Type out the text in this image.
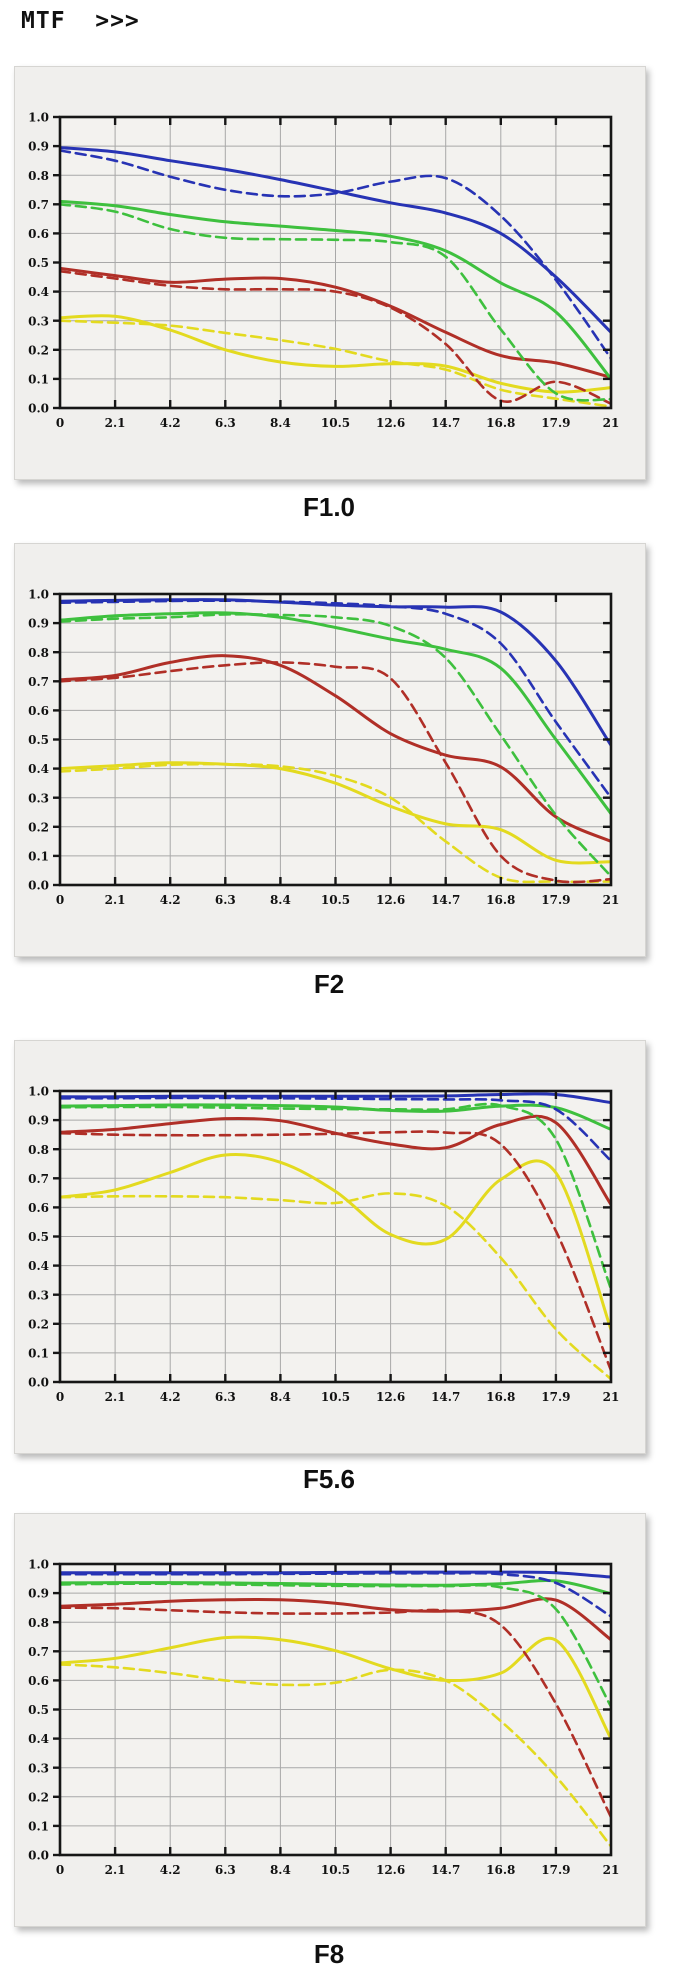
MTF  >>>
0.0
0.1
0.2
0.3
0.4
0.5
0.6
0.7
0.8
0.9
1.0
0	2.1	4.2	6.3	8.4	10.5 12.6 14.7 16.8 17.9	21
F1.0
0.0
0.1
0.2
0.3
0.4
0.5
0.6
0.7
0.8
0.9
1.0
0	2.1	4.2	6.3	8.4	10.5 12.6 14.7 16.8 17.9	21
F2
0.0
0.1
0.2
0.3
0.4
0.5
0.6
0.7
0.8
0.9
1.0
0	2.1	4.2	6.3	8.4	10.5 12.6 14.7 16.8 17.9	21
F5.6
0.0
0.1
0.2
0.3
0.4
0.5
0.6
0.7
0.8
0.9
1.0
0	2.1	4.2	6.3	8.4	10.5 12.6 14.7 16.8 17.9	21
F8
